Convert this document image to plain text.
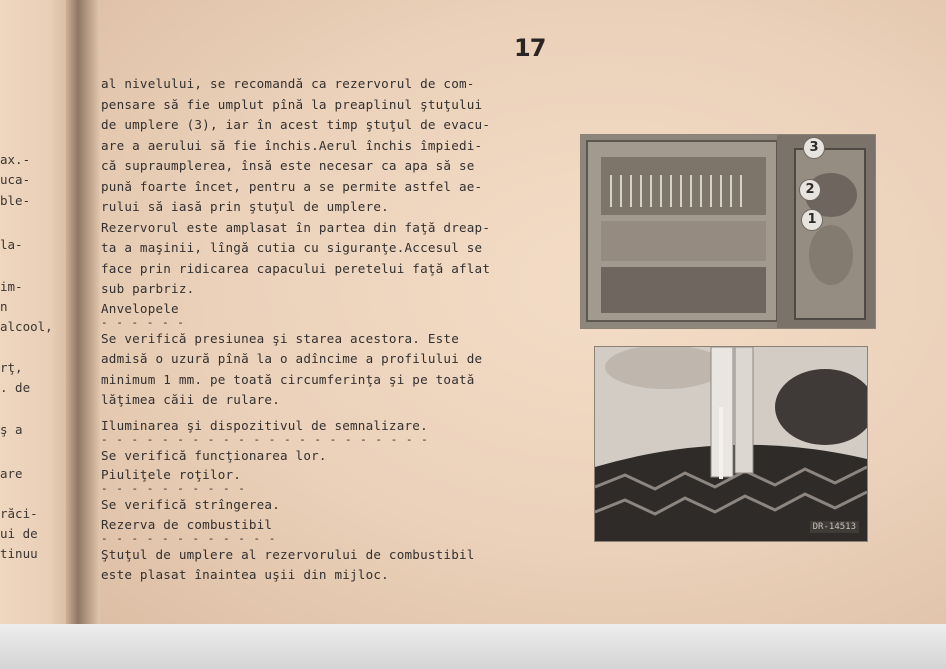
ax.-
uca-
ble-
la-
im-
n
alcool,
rţ,
. de
ş a
are
răci-
ui de
tinuu
17
al nivelului, se recomandă ca rezervorul de com-
pensare să fie umplut pînă la preaplinul ştuţului
de umplere (3), iar în acest timp ştuţul de evacu-
are a aerului să fie închis.Aerul închis împiedi-
că supraumplerea, însă este necesar ca apa să se
pună foarte încet, pentru a se permite astfel ae-
rului să iasă prin ştuţul de umplere.
Rezervorul este amplasat în partea din faţă dreap-
ta a maşinii, lîngă cutia cu siguranţe.Accesul se
face prin ridicarea capacului peretelui faţă aflat
sub parbriz.
Anvelopele
- - - - - -
Se verifică presiunea şi starea acestora. Este
admisă o uzură pînă la o adîncime a profilului de
minimum 1 mm. pe toată circumferinţa şi pe toată
lăţimea căii de rulare.
Iluminarea şi dispozitivul de semnalizare.
- - - - - - - - - - - - - - - - - - - - - -
Se verifică funcţionarea lor.
Piuliţele roţilor.
- - - - - - - - - -
Se verifică strîngerea.
Rezerva de combustibil
- - - - - - - - - - - -
Ştuţul de umplere al rezervorului de combustibil
este plasat înaintea uşii din mijloc.
3
2
1
DR-14513
